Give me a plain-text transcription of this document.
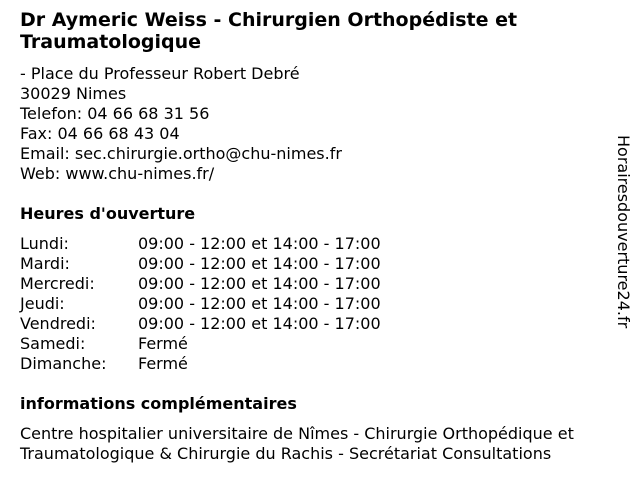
Dr Aymeric Weiss - Chirurgien Orthopédiste et Traumatologique
- Place du Professeur Robert Debré
30029 Nimes
Telefon: 04 66 68 31 56
Fax: 04 66 68 43 04
Email: sec.chirurgie.ortho@chu-nimes.fr
Web: www.chu-nimes.fr/
Heures d'ouverture
Lundi:	09:00 - 12:00 et 14:00 - 17:00
Mardi:	09:00 - 12:00 et 14:00 - 17:00
Mercredi:	09:00 - 12:00 et 14:00 - 17:00
Jeudi:	09:00 - 12:00 et 14:00 - 17:00
Vendredi:	09:00 - 12:00 et 14:00 - 17:00
Samedi:	Fermé
Dimanche:	Fermé
informations complémentaires
Centre hospitalier universitaire de Nîmes - Chirurgie Orthopédique et Traumatologique & Chirurgie du Rachis - Secrétariat Consultations
Horairesdouverture24.fr
